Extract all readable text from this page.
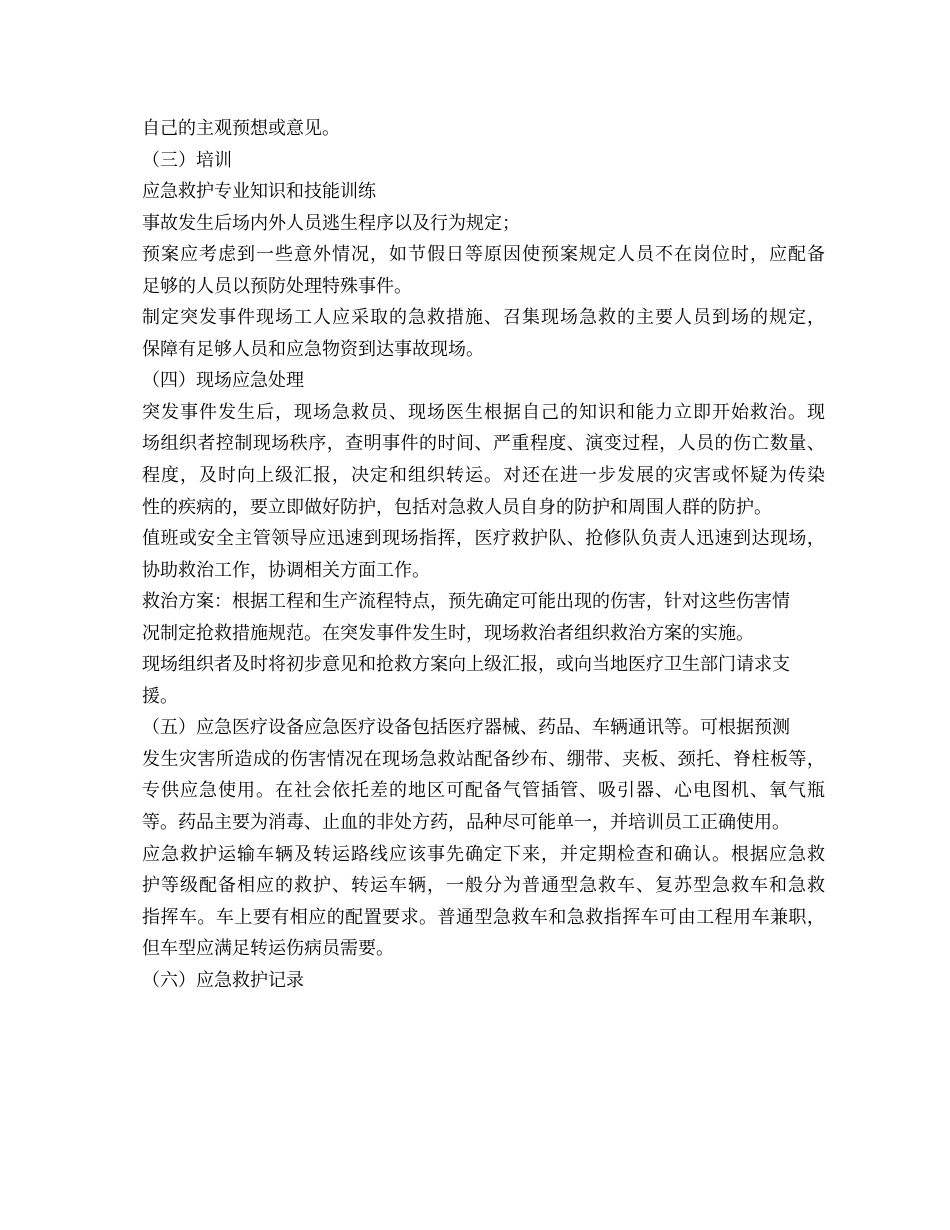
自己的主观预想或意见。
（三）培训
应急救护专业知识和技能训练
事故发生后场内外人员逃生程序以及行为规定；
预 案 应 考 虑 到 一 些 意 外 情 况 ， 如 节 假 日 等 原 因 使 预 案 规 定 人 员 不 在 岗 位 时 ， 应 配 备
足够的人员以预防处理特殊事件。
制 定 突 发 事 件 现 场 工 人 应 采 取 的 急 救 措 施 、 召 集 现 场 急 救 的 主 要 人 员 到 场 的 规 定 ，
保障有足够人员和应急物资到达事故现场。
（四）现场应急处理
突 发 事 件 发 生 后 ， 现 场 急 救 员 、 现 场 医 生 根 据 自 己 的 知 识 和 能 力 立 即 开 始 救 治 。 现
场 组 织 者 控 制 现 场 秩 序 ， 查 明 事 件 的 时 间 、 严 重 程 度 、 演 变 过 程 ， 人 员 的 伤 亡 数 量 、
程 度 ， 及 时 向 上 级 汇 报 ， 决 定 和 组 织 转 运 。 对 还 在 进 一 步 发 展 的 灾 害 或 怀 疑 为 传 染
性的疾病的，要立即做好防护，包括对急救人员自身的防护和周围人群的防护。
值 班 或 安 全 主 管 领 导 应 迅 速 到 现 场 指 挥 ， 医 疗 救 护 队 、 抢 修 队 负 责 人 迅 速 到 达 现 场 ，
协助救治工作，协调相关方面工作。
救治方案：根据工程和生产流程特点，预先确定可能出现的伤害，针对这些伤害情
况制定抢救措施规范。在突发事件发生时，现场救治者组织救治方案的实施。
现场组织者及时将初步意见和抢救方案向上级汇报，或向当地医疗卫生部门请求支
援。
（五）应急医疗设备应急医疗设备包括医疗器械、药品、车辆通讯等。可根据预测
发 生 灾 害 所 造 成 的 伤 害 情 况 在 现 场 急 救 站 配 备 纱 布 、 绷 带 、 夹 板 、 颈 托 、 脊 柱 板 等 ，
专 供 应 急 使 用 。 在 社 会 依 托 差 的 地 区 可 配 备 气 管 插 管 、 吸 引 器 、 心 电 图 机 、 氧 气 瓶
等。药品主要为消毒、止血的非处方药，品种尽可能单一，并培训员工正确使用。
应 急 救 护 运 输 车 辆 及 转 运 路 线 应 该 事 先 确 定 下 来 ， 并 定 期 检 查 和 确 认 。 根 据 应 急 救
护 等 级 配 备 相 应 的 救 护 、 转 运 车 辆 ， 一 般 分 为 普 通 型 急 救 车 、 复 苏 型 急 救 车 和 急 救
指 挥 车 。 车 上 要 有 相 应 的 配 置 要 求 。 普 通 型 急 救 车 和 急 救 指 挥 车 可 由 工 程 用 车 兼 职 ，
但车型应满足转运伤病员需要。
（六）应急救护记录
